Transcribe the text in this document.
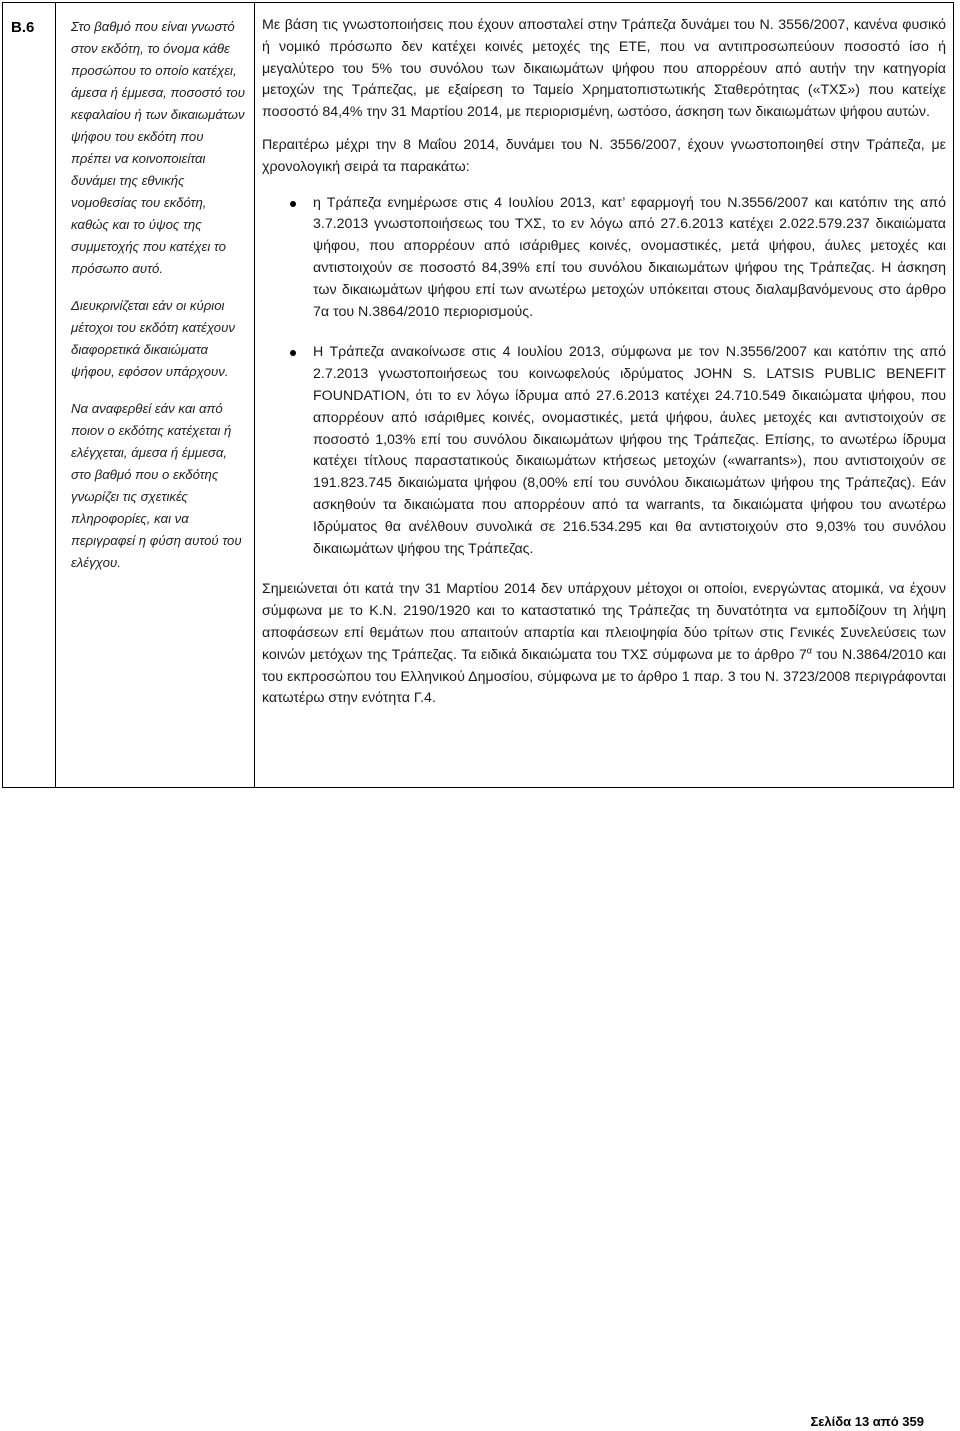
B.6	Στο βαθμό που είναι γνωστό στον εκδότη, το όνομα κάθε προσώπου το οποίο κατέχει, άμεσα ή έμμεσα, ποσοστό του κεφαλαίου ή των δικαιωμάτων ψήφου του εκδότη που πρέπει να κοινοποιείται δυνάμει της εθνικής νομοθεσίας του εκδότη, καθώς και το ύψος της συμμετοχής που κατέχει το πρόσωπο αυτό.

Διευκρινίζεται εάν οι κύριοι μέτοχοι του εκδότη κατέχουν διαφορετικά δικαιώματα ψήφου, εφόσον υπάρχουν.

Να αναφερθεί εάν και από ποιον ο εκδότης κατέχεται ή ελέγχεται, άμεσα ή έμμεσα, στο βαθμό που ο εκδότης γνωρίζει τις σχετικές πληροφορίες, και να περιγραφεί η φύση αυτού του ελέγχου.

Με βάση τις γνωστοποιήσεις που έχουν αποσταλεί στην Τράπεζα δυνάμει του Ν. 3556/2007, κανένα φυσικό ή νομικό πρόσωπο δεν κατέχει κοινές μετοχές της ΕΤΕ, που να αντιπροσωπεύουν ποσοστό ίσο ή μεγαλύτερο του 5% του συνόλου των δικαιωμάτων ψήφου που απορρέουν από αυτήν την κατηγορία μετοχών της Τράπεζας, με εξαίρεση το Ταμείο Χρηματοπιστωτικής Σταθερότητας («ΤΧΣ») που κατείχε ποσοστό 84,4% την 31 Μαρτίου 2014, με περιορισμένη, ωστόσο, άσκηση των δικαιωμάτων ψήφου αυτών.

Περαιτέρω μέχρι την 8 Μαΐου 2014, δυνάμει του Ν. 3556/2007, έχουν γνωστοποιηθεί στην Τράπεζα, με χρονολογική σειρά τα παρακάτω:

η Τράπεζα ενημέρωσε στις 4 Ιουλίου 2013, κατ’ εφαρμογή του Ν.3556/2007 και κατόπιν της από 3.7.2013 γνωστοποιήσεως του ΤΧΣ, το εν λόγω από 27.6.2013 κατέχει 2.022.579.237 δικαιώματα ψήφου, που απορρέουν από ισάριθμες κοινές, ονομαστικές, μετά ψήφου, άυλες μετοχές και αντιστοιχούν σε ποσοστό 84,39% επί του συνόλου δικαιωμάτων ψήφου της Τράπεζας. Η άσκηση των δικαιωμάτων ψήφου επί των ανωτέρω μετοχών υπόκειται στους διαλαμβανόμενους στο άρθρο 7α του Ν.3864/2010 περιορισμούς.
Η Τράπεζα ανακοίνωσε στις 4 Ιουλίου 2013, σύμφωνα με τον Ν.3556/2007 και κατόπιν της από 2.7.2013 γνωστοποιήσεως του κοινωφελούς ιδρύματος JOHN S. LATSIS PUBLIC BENEFIT FOUNDATION, ότι το εν λόγω ίδρυμα από 27.6.2013 κατέχει 24.710.549 δικαιώματα ψήφου, που απορρέουν από ισάριθμες κοινές, ονομαστικές, μετά ψήφου, άυλες μετοχές και αντιστοιχούν σε ποσοστό 1,03% επί του συνόλου δικαιωμάτων ψήφου της Τράπεζας. Επίσης, το ανωτέρω ίδρυμα κατέχει τίτλους παραστατικούς δικαιωμάτων κτήσεως μετοχών («warrants»), που αντιστοιχούν σε 191.823.745 δικαιώματα ψήφου (8,00% επί του συνόλου δικαιωμάτων ψήφου της Τράπεζας). Εάν ασκηθούν τα δικαιώματα που απορρέουν από τα warrants, τα δικαιώματα ψήφου του ανωτέρω Ιδρύματος θα ανέλθουν συνολικά σε 216.534.295 και θα αντιστοιχούν στο 9,03% του συνόλου δικαιωμάτων ψήφου της Τράπεζας.

Σημειώνεται ότι κατά την 31 Μαρτίου 2014 δεν υπάρχουν μέτοχοι οι οποίοι, ενεργώντας ατομικά, να έχουν σύμφωνα με το Κ.Ν. 2190/1920 και το καταστατικό της Τράπεζας τη δυνατότητα να εμποδίζουν τη λήψη αποφάσεων επί θεμάτων που απαιτούν απαρτία και πλειοψηφία δύο τρίτων στις Γενικές Συνελεύσεις των κοινών μετόχων της Τράπεζας. Τα ειδικά δικαιώματα του ΤΧΣ σύμφωνα με το άρθρο $7^\alpha$ του Ν.3864/2010 και του εκπροσώπου του Ελληνικού Δημοσίου, σύμφωνα με το άρθρο 1 παρ. 3 του Ν. 3723/2008 περιγράφονται κατωτέρω στην ενότητα Γ.4.

Σελίδα 13 από 359
